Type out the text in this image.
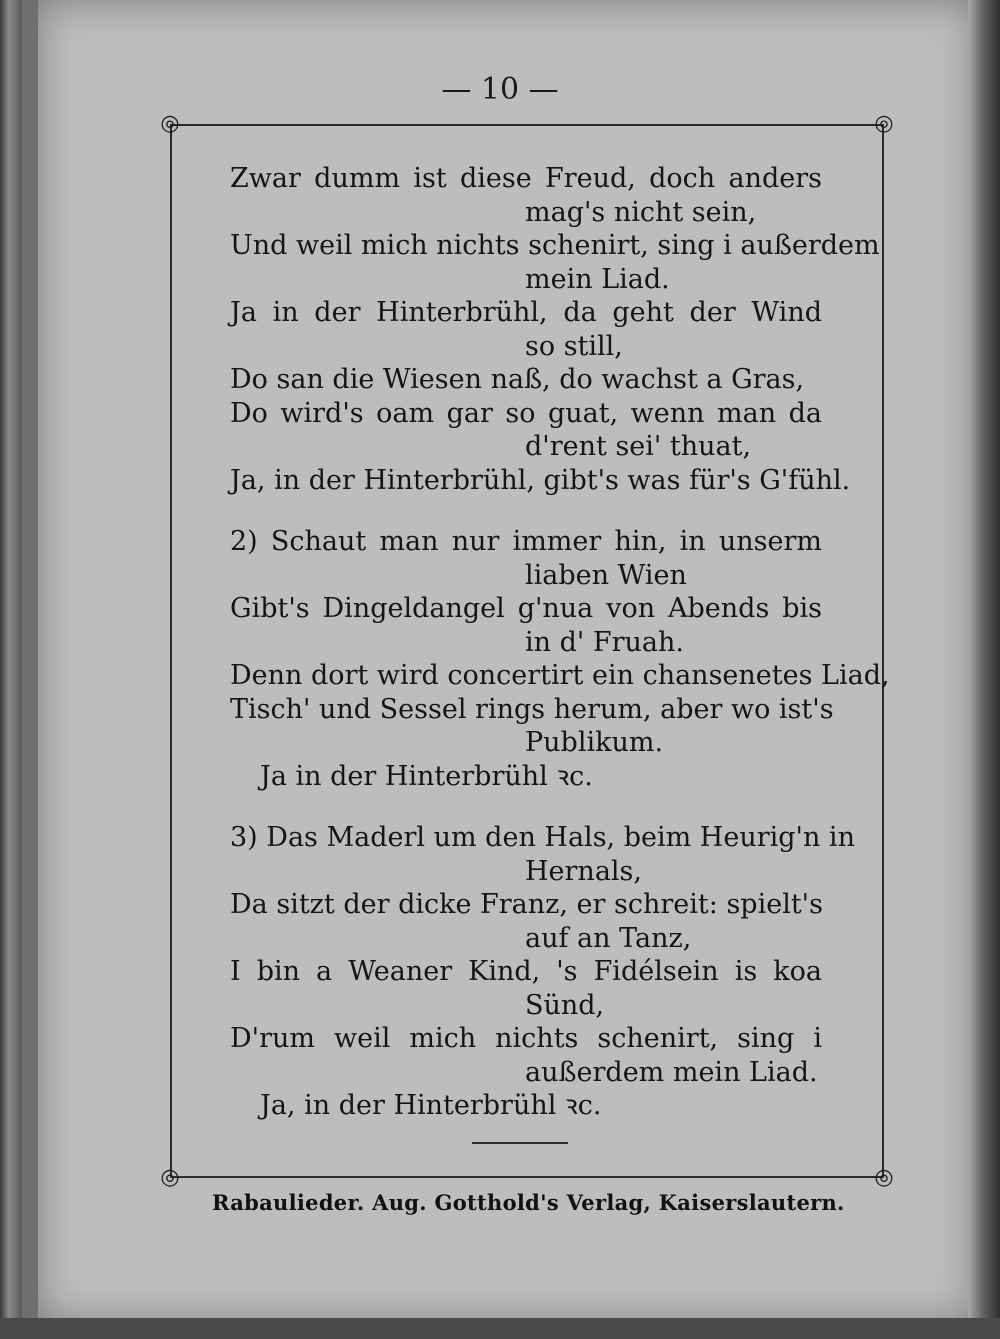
— 10 —
◎	◎
◎	◎
Zwar dumm ist diese Freud, doch anders
mag's nicht sein,
Und weil mich nichts schenirt, sing i außerdem
mein Liad.
Ja in der Hinterbrühl, da geht der Wind
so still,
Do san die Wiesen naß, do wachst a Gras,
Do wird's oam gar so guat, wenn man da
d'rent sei' thuat,
Ja, in der Hinterbrühl, gibt's was für's G'fühl.
2) Schaut man nur immer hin, in unserm
liaben Wien
Gibt's Dingeldangel g'nua von Abends bis
in d' Fruah.
Denn dort wird concertirt ein chansenetes Liad,
Tisch' und Sessel rings herum, aber wo ist's
Publikum.
Ja in der Hinterbrühl ꝛc.
3) Das Maderl um den Hals, beim Heurig'n in
Hernals,
Da sitzt der dicke Franz, er schreit: spielt's
auf an Tanz,
I bin a Weaner Kind, 's Fidélsein is koa
Sünd,
D'rum weil mich nichts schenirt, sing i
außerdem mein Liad.
Ja, in der Hinterbrühl ꝛc.
Rabaulieder. Aug. Gotthold's Verlag, Kaiserslautern.
